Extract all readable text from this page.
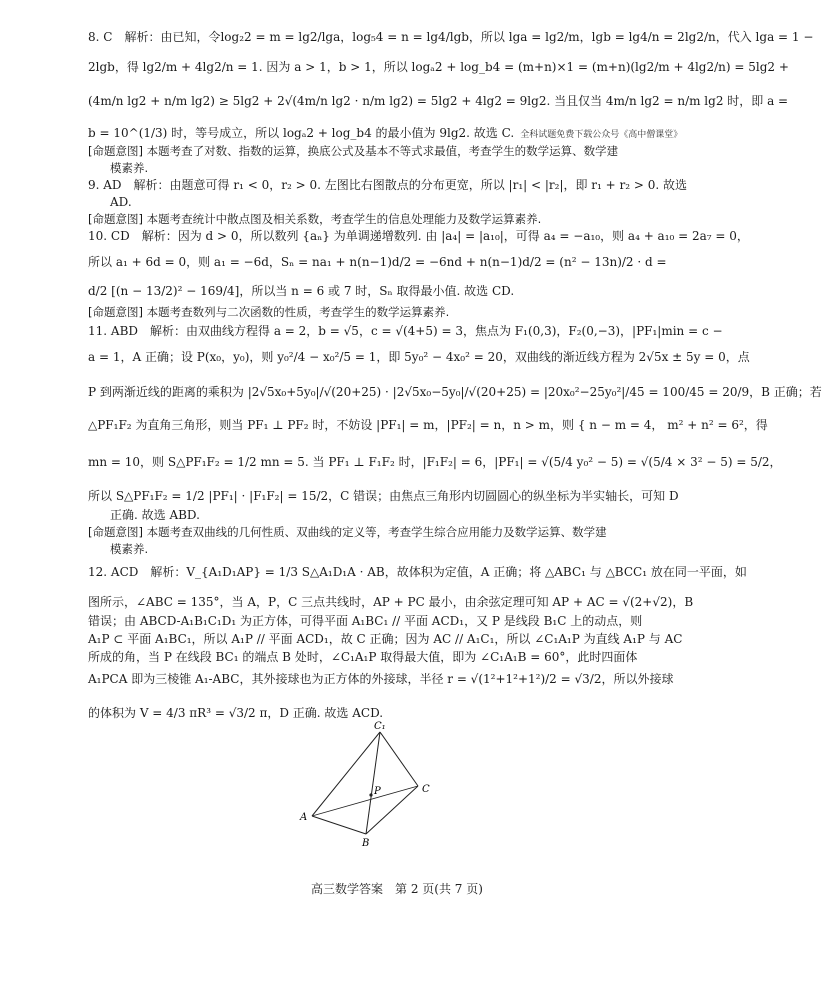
8. C　解析：由已知，令log₂2 = m = lg2/lga，log₅4 = n = lg4/lgb，所以 lga = lg2/m，lgb = lg4/n = 2lg2/n，代入 lga = 1 −
2lgb，得 lg2/m + 4lg2/n = 1. 因为 a > 1，b > 1，所以 logₐ2 + log_b4 = (m+n)×1 = (m+n)(lg2/m + 4lg2/n) = 5lg2 +
(4m/n lg2 + n/m lg2) ≥ 5lg2 + 2√(4m/n lg2 · n/m lg2) = 5lg2 + 4lg2 = 9lg2. 当且仅当 4m/n lg2 = n/m lg2 时，即 a =
b = 10^(1/3) 时，等号成立，所以 logₐ2 + log_b4 的最小值为 9lg2. 故选 C. 全科试题免费下载公众号《高中僧课堂》
[命题意图] 本题考查了对数、指数的运算，换底公式及基本不等式求最值，考查学生的数学运算、数学建
模素养.
9. AD　解析：由题意可得 r₁ < 0，r₂ > 0. 左图比右图散点的分布更宽，所以 |r₁| < |r₂|，即 r₁ + r₂ > 0. 故选
AD.
[命题意图] 本题考查统计中散点图及相关系数，考查学生的信息处理能力及数学运算素养.
10. CD　解析：因为 d > 0，所以数列 {aₙ} 为单调递增数列. 由 |a₄| = |a₁₀|，可得 a₄ = −a₁₀，则 a₄ + a₁₀ = 2a₇ = 0，
所以 a₁ + 6d = 0，则 a₁ = −6d，Sₙ = na₁ + n(n−1)d/2 = −6nd + n(n−1)d/2 = (n² − 13n)/2 · d =
d/2 [(n − 13/2)² − 169/4]，所以当 n = 6 或 7 时，Sₙ 取得最小值. 故选 CD.
[命题意图] 本题考查数列与二次函数的性质，考查学生的数学运算素养.
11. ABD　解析：由双曲线方程得 a = 2，b = √5，c = √(4+5) = 3，焦点为 F₁(0,3)，F₂(0,−3)，|PF₁|min = c −
a = 1，A 正确；设 P(x₀，y₀)，则 y₀²/4 − x₀²/5 = 1，即 5y₀² − 4x₀² = 20，双曲线的渐近线方程为 2√5x ± 5y = 0，点
P 到两渐近线的距离的乘积为 |2√5x₀+5y₀|/√(20+25) · |2√5x₀−5y₀|/√(20+25) = |20x₀²−25y₀²|/45 = 100/45 = 20/9，B 正确；若
△PF₁F₂ 为直角三角形，则当 PF₁ ⊥ PF₂ 时，不妨设 |PF₁| = m，|PF₂| = n，n > m，则 { n − m = 4， m² + n² = 6²，得
mn = 10，则 S△PF₁F₂ = 1/2 mn = 5. 当 PF₁ ⊥ F₁F₂ 时，|F₁F₂| = 6，|PF₁| = √(5/4 y₀² − 5) = √(5/4 × 3² − 5) = 5/2，
所以 S△PF₁F₂ = 1/2 |PF₁| · |F₁F₂| = 15/2，C 错误；由焦点三角形内切圆圆心的纵坐标为半实轴长，可知 D
正确. 故选 ABD.
[命题意图] 本题考查双曲线的几何性质、双曲线的定义等，考查学生综合应用能力及数学运算、数学建
模素养.
12. ACD　解析：V_{A₁D₁AP} = 1/3 S△A₁D₁A · AB，故体积为定值，A 正确；将 △ABC₁ 与 △BCC₁ 放在同一平面，如
图所示，∠ABC = 135°，当 A，P，C 三点共线时，AP + PC 最小，由余弦定理可知 AP + AC = √(2+√2)，B
错误；由 ABCD-A₁B₁C₁D₁ 为正方体，可得平面 A₁BC₁ // 平面 ACD₁，又 P 是线段 B₁C 上的动点，则
A₁P ⊂ 平面 A₁BC₁，所以 A₁P // 平面 ACD₁，故 C 正确；因为 AC // A₁C₁，所以 ∠C₁A₁P 为直线 A₁P 与 AC
所成的角，当 P 在线段 BC₁ 的端点 B 处时，∠C₁A₁P 取得最大值，即为 ∠C₁A₁B = 60°，此时四面体
A₁PCA 即为三棱锥 A₁-ABC，其外接球也为正方体的外接球，半径 r = √(1²+1²+1²)/2 = √3/2，所以外接球
的体积为 V = 4/3 πR³ = √3/2 π，D 正确. 故选 ACD.
C₁
P	C
A
B
高三数学答案　第 2 页(共 7 页)
